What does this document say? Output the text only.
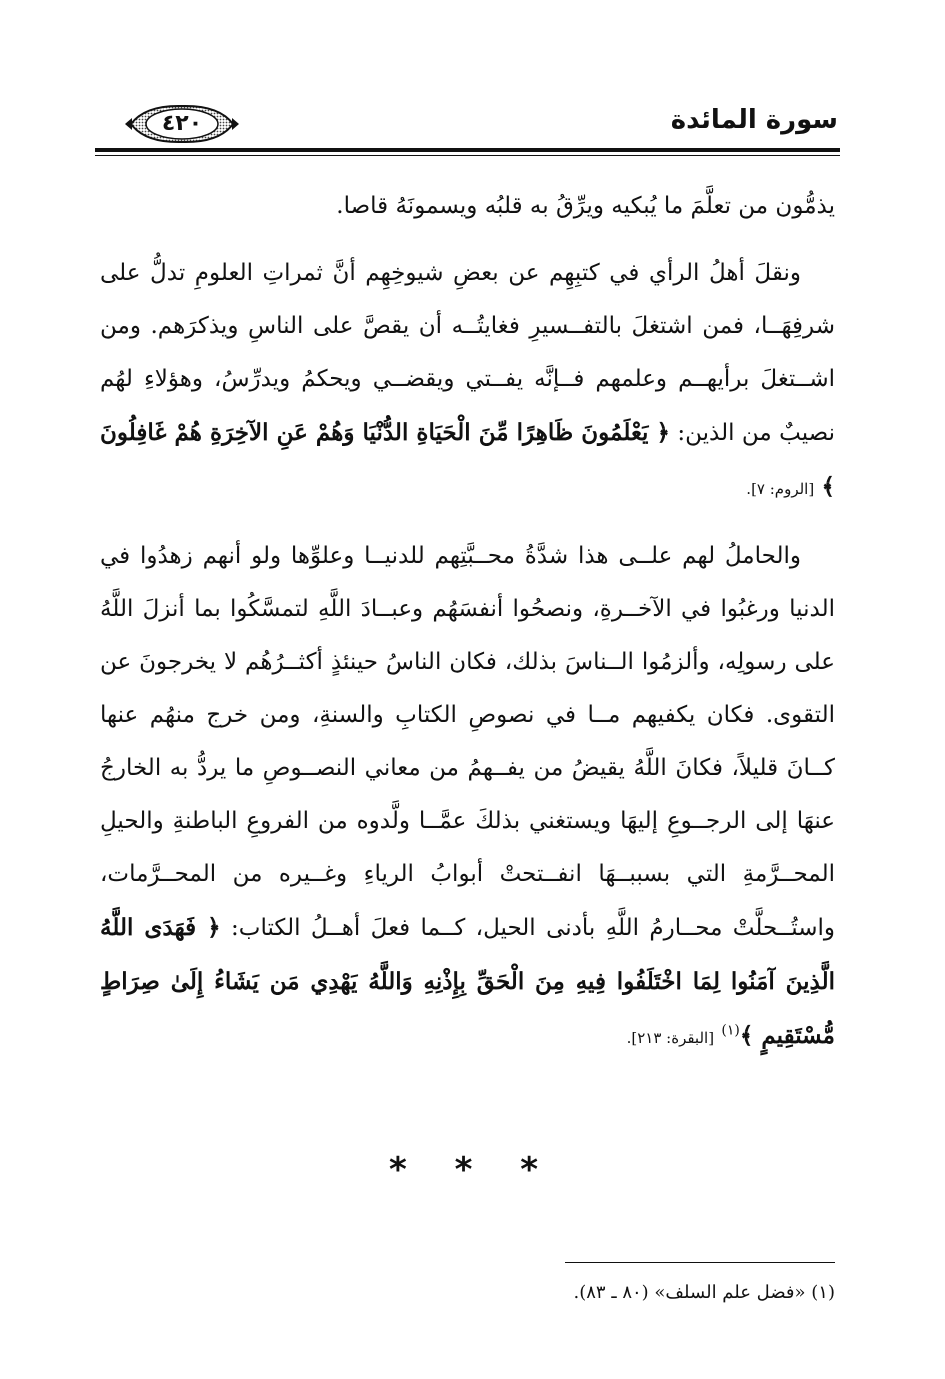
٤٢٠	سورة المائدة

يذمُّون من تعلَّمَ ما يُبكيه ويرِّقُ به قلبُه ويسمونَهُ قاصا.

ونقلَ أهلُ الرأي في كتبِهِم عن بعضِ شيوخِهِم أنَّ ثمراتِ العلومِ تدلُّ على شرفِهَــا، فمن اشتغلَ بالتفــسيرِ فغايتُــه أن يقصَّ على الناسِ ويذكرَهم. ومن اشــتغلَ برأيهــم وعلمهم فــإنَّه يفــتي ويقضــي ويحكمُ ويدرِّسُ، وهؤلاءِ لهُم نصيبٌ من الذين: ﴿ يَعْلَمُونَ ظَاهِرًا مِّنَ الْحَيَاةِ الدُّنْيَا وَهُمْ عَنِ الآخِرَةِ هُمْ غَافِلُونَ ﴾ [الروم: ٧].

والحاملُ لهم علــى هذا شدَّةُ محــبَّتِهم للدنيــا وعلوِّها ولو أنهم زهدُوا في الدنيا ورغبُوا في الآخــرةِ، ونصحُوا أنفسَهُم وعبــادَ اللَّهِ لتمسَّكُوا بما أنزلَ اللَّهُ على رسولِه، وألزمُوا الــناسَ بذلك، فكان الناسُ حينئذٍ أكثــرُهُم لا يخرجونَ عن التقوى. فكان يكفيهم مــا في نصوصِ الكتابِ والسنةِ، ومن خرج منهُم عنها كــانَ قليلاً، فكانَ اللَّهُ يقيضُ من يفــهمُ من معاني النصــوصِ ما يردُّ به الخارجُ عنهَا إلى الرجــوعِ إليهَا ويستغني بذلكَ عمَّــا ولَّدوه من الفروعِ الباطنةِ والحيلِ المحــرَّمةِ التي بسببــهَا انفــتحتْ أبوابُ الرياءِ وغــيره من المحــرَّمات، واستُــحلَّتْ محــارمُ اللَّهِ بأدنى الحيل، كــما فعلَ أهــلُ الكتاب: ﴿ فَهَدَى اللَّهُ الَّذِينَ آمَنُوا لِمَا اخْتَلَفُوا فِيهِ مِنَ الْحَقِّ بِإِذْنِهِ وَاللَّهُ يَهْدِي مَن يَشَاءُ إِلَىٰ صِرَاطٍ مُّسْتَقِيمٍ ﴾$^{(١)}$ [البقرة: ٢١٣].

* * *
(١) «فضل علم السلف» (٨٠ ـ ٨٣).
